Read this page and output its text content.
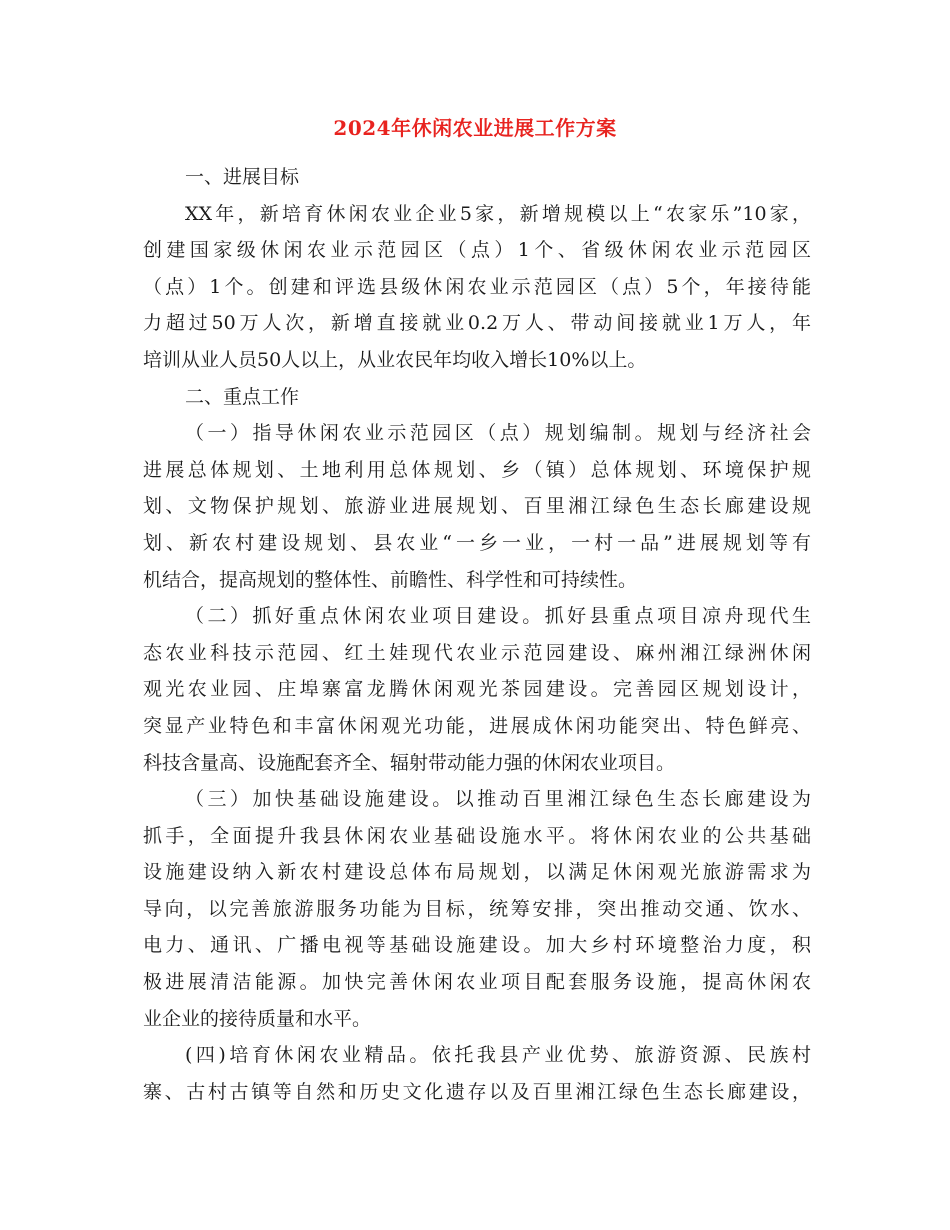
2024年休闲农业进展工作方案
一、进展目标
XX年，新培育休闲农业企业5家，新增规模以上“农家乐”10家，
创建国家级休闲农业示范园区（点）1个、省级休闲农业示范园区
（点）1个。创建和评选县级休闲农业示范园区（点）5个，年接待能
力超过50万人次，新增直接就业0.2万人、带动间接就业1万人，年
培训从业人员50人以上，从业农民年均收入增长10%以上。
二、重点工作
（一）指导休闲农业示范园区（点）规划编制。规划与经济社会
进展总体规划、土地利用总体规划、乡（镇）总体规划、环境保护规
划、文物保护规划、旅游业进展规划、百里湘江绿色生态长廊建设规
划、新农村建设规划、县农业“一乡一业，一村一品”进展规划等有
机结合，提高规划的整体性、前瞻性、科学性和可持续性。
（二）抓好重点休闲农业项目建设。抓好县重点项目凉舟现代生
态农业科技示范园、红土娃现代农业示范园建设、麻州湘江绿洲休闲
观光农业园、庄埠寨富龙腾休闲观光茶园建设。完善园区规划设计，
突显产业特色和丰富休闲观光功能，进展成休闲功能突出、特色鲜亮、
科技含量高、设施配套齐全、辐射带动能力强的休闲农业项目。
（三）加快基础设施建设。以推动百里湘江绿色生态长廊建设为
抓手，全面提升我县休闲农业基础设施水平。将休闲农业的公共基础
设施建设纳入新农村建设总体布局规划，以满足休闲观光旅游需求为
导向，以完善旅游服务功能为目标，统筹安排，突出推动交通、饮水、
电力、通讯、广播电视等基础设施建设。加大乡村环境整治力度，积
极进展清洁能源。加快完善休闲农业项目配套服务设施，提高休闲农
业企业的接待质量和水平。
(四)培育休闲农业精品。依托我县产业优势、旅游资源、民族村
寨、古村古镇等自然和历史文化遗存以及百里湘江绿色生态长廊建设，
